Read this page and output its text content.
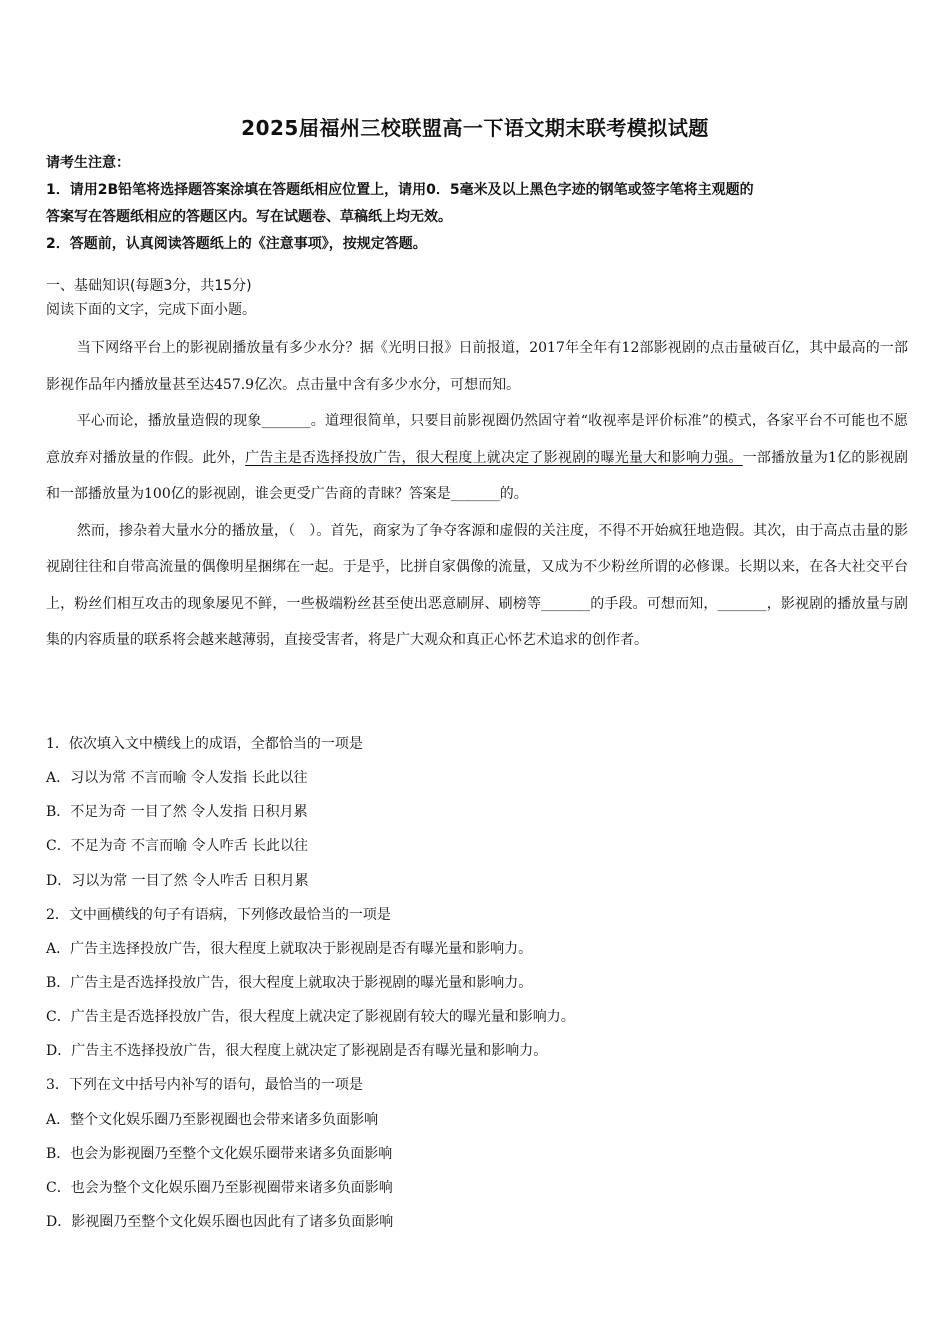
2025届福州三校联盟高一下语文期末联考模拟试题
请考生注意：
1．请用2B铅笔将选择题答案涂填在答题纸相应位置上，请用0．5毫米及以上黑色字迹的钢笔或签字笔将主观题的
答案写在答题纸相应的答题区内。写在试题卷、草稿纸上均无效。
2．答题前，认真阅读答题纸上的《注意事项》，按规定答题。
一、基础知识(每题3分，共15分)
阅读下面的文字，完成下面小题。

当下网络平台上的影视剧播放量有多少水分？据《光明日报》日前报道，2017年全年有12部影视剧的点击量破百亿，其中最高的一部影视作品年内播放量甚至达457.9亿次。点击量中含有多少水分，可想而知。

平心而论，播放量造假的现象_______。道理很简单，只要目前影视圈仍然固守着“收视率是评价标准”的模式，各家平台不可能也不愿意放弃对播放量的作假。此外，广告主是否选择投放广告，很大程度上就决定了影视剧的曝光量大和影响力强。一部播放量为1亿的影视剧和一部播放量为100亿的影视剧，谁会更受广告商的青睐？答案是_______的。

然而，掺杂着大量水分的播放量，（　）。首先，商家为了争夺客源和虚假的关注度，不得不开始疯狂地造假。其次，由于高点击量的影视剧往往和自带高流量的偶像明星捆绑在一起。于是乎，比拼自家偶像的流量，又成为不少粉丝所谓的必修课。长期以来，在各大社交平台上，粉丝们相互攻击的现象屡见不鲜，一些极端粉丝甚至使出恶意刷屏、刷榜等_______的手段。可想而知，_______，影视剧的播放量与剧集的内容质量的联系将会越来越薄弱，直接受害者，将是广大观众和真正心怀艺术追求的创作者。

1．依次填入文中横线上的成语，全都恰当的一项是
A．习以为常 不言而喻 令人发指 长此以往
B．不足为奇 一目了然 令人发指 日积月累
C．不足为奇 不言而喻 令人咋舌 长此以往
D．习以为常 一目了然 令人咋舌 日积月累
2．文中画横线的句子有语病，下列修改最恰当的一项是
A．广告主选择投放广告，很大程度上就取决于影视剧是否有曝光量和影响力。
B．广告主是否选择投放广告，很大程度上就取决于影视剧的曝光量和影响力。
C．广告主是否选择投放广告，很大程度上就决定了影视剧有较大的曝光量和影响力。
D．广告主不选择投放广告，很大程度上就决定了影视剧是否有曝光量和影响力。
3．下列在文中括号内补写的语句，最恰当的一项是
A．整个文化娱乐圈乃至影视圈也会带来诸多负面影响
B．也会为影视圈乃至整个文化娱乐圈带来诸多负面影响
C．也会为整个文化娱乐圈乃至影视圈带来诸多负面影响
D．影视圈乃至整个文化娱乐圈也因此有了诸多负面影响
